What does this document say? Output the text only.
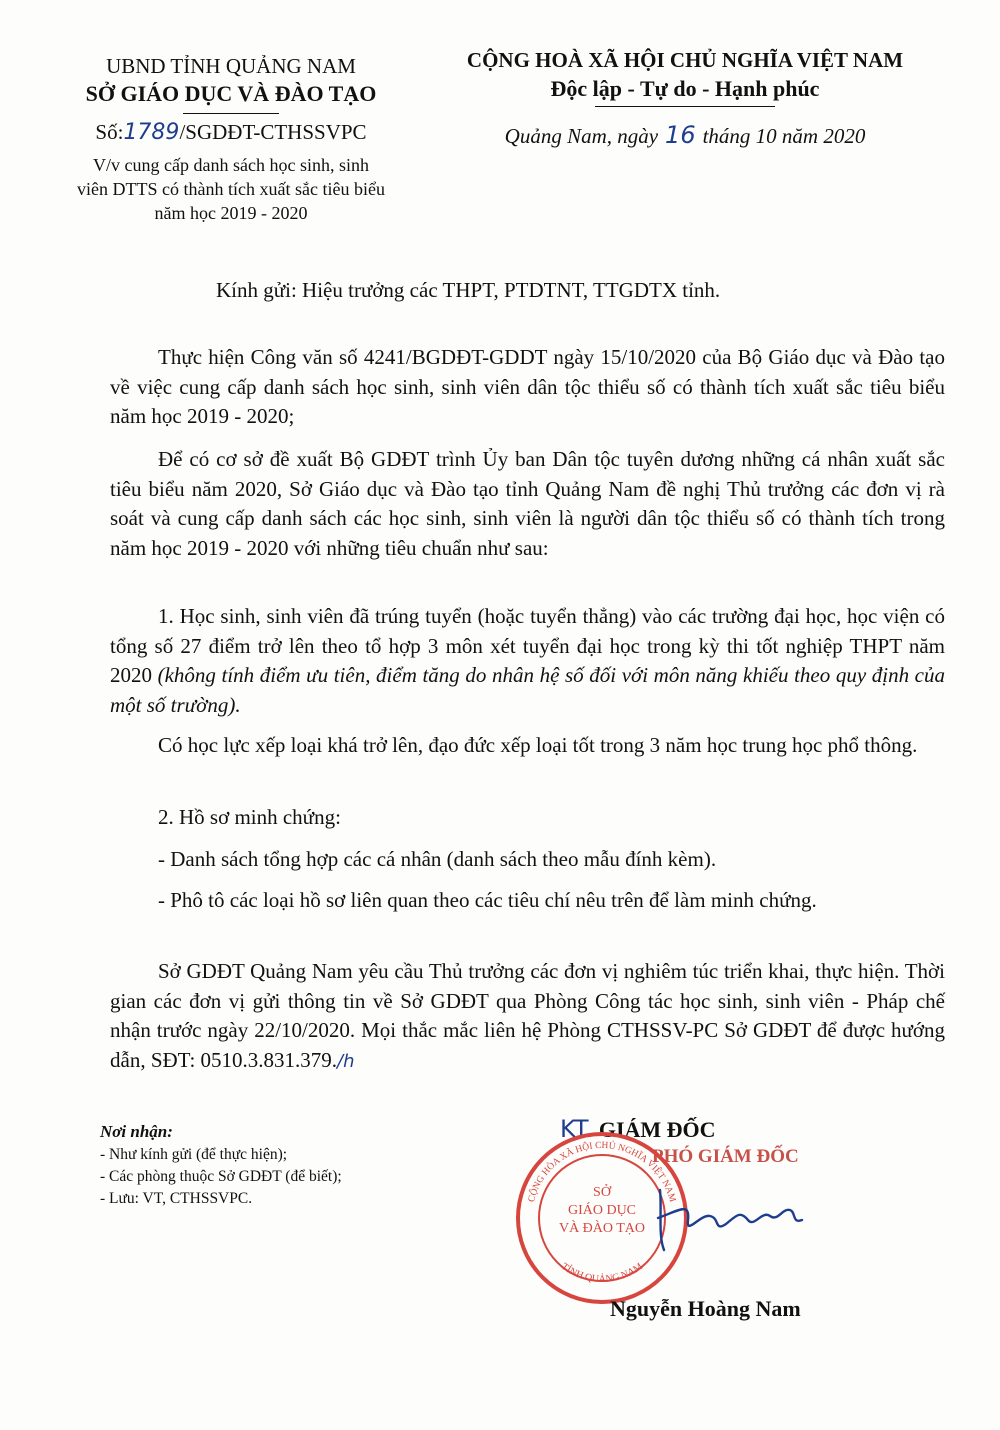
UBND TỈNH QUẢNG NAM
SỞ GIÁO DỤC VÀ ĐÀO TẠO
Số:1789/SGDĐT-CTHSSVPC
V/v cung cấp danh sách học sinh, sinh
viên DTTS có thành tích xuất sắc tiêu biểu
năm học 2019 - 2020
CỘNG HOÀ XÃ HỘI CHỦ NGHĨA VIỆT NAM
Độc lập - Tự do - Hạnh phúc
Quảng Nam, ngày 16 tháng 10 năm 2020
Kính gửi: Hiệu trưởng các THPT, PTDTNT, TTGDTX tỉnh.
Thực hiện Công văn số 4241/BGDĐT-GDDT ngày 15/10/2020 của Bộ Giáo dục và Đào tạo về việc cung cấp danh sách học sinh, sinh viên dân tộc thiểu số có thành tích xuất sắc tiêu biểu năm học 2019 - 2020;
Để có cơ sở đề xuất Bộ GDĐT trình Ủy ban Dân tộc tuyên dương những cá nhân xuất sắc tiêu biểu năm 2020, Sở Giáo dục và Đào tạo tỉnh Quảng Nam đề nghị Thủ trưởng các đơn vị rà soát và cung cấp danh sách các học sinh, sinh viên là người dân tộc thiểu số có thành tích trong năm học 2019 - 2020 với những tiêu chuẩn như sau:
1. Học sinh, sinh viên đã trúng tuyển (hoặc tuyển thẳng) vào các trường đại học, học viện có tổng số 27 điểm trở lên theo tổ hợp 3 môn xét tuyển đại học trong kỳ thi tốt nghiệp THPT năm 2020 (không tính điểm ưu tiên, điểm tăng do nhân hệ số đối với môn năng khiếu theo quy định của một số trường).
Có học lực xếp loại khá trở lên, đạo đức xếp loại tốt trong 3 năm học trung học phổ thông.
2. Hồ sơ minh chứng:
- Danh sách tổng hợp các cá nhân (danh sách theo mẫu đính kèm).
- Phô tô các loại hồ sơ liên quan theo các tiêu chí nêu trên để làm minh chứng.
Sở GDĐT Quảng Nam yêu cầu Thủ trưởng các đơn vị nghiêm túc triển khai, thực hiện. Thời gian các đơn vị gửi thông tin về Sở GDĐT qua Phòng Công tác học sinh, sinh viên - Pháp chế nhận trước ngày 22/10/2020. Mọi thắc mắc liên hệ Phòng CTHSSV-PC Sở GDĐT để được hướng dẫn, SĐT: 0510.3.831.379./h
Nơi nhận:
- Như kính gửi (để thực hiện);
- Các phòng thuộc Sở GDĐT (để biết);
- Lưu: VT, CTHSSVPC.
KT. GIÁM ĐỐC
PHÓ GIÁM ĐỐC
SỞ
GIÁO DỤC
VÀ ĐÀO TẠO
CỘNG HÒA XÃ HỘI CHỦ NGHĨA VIỆT NAM
TỈNH QUẢNG NAM
Nguyễn Hoàng Nam
